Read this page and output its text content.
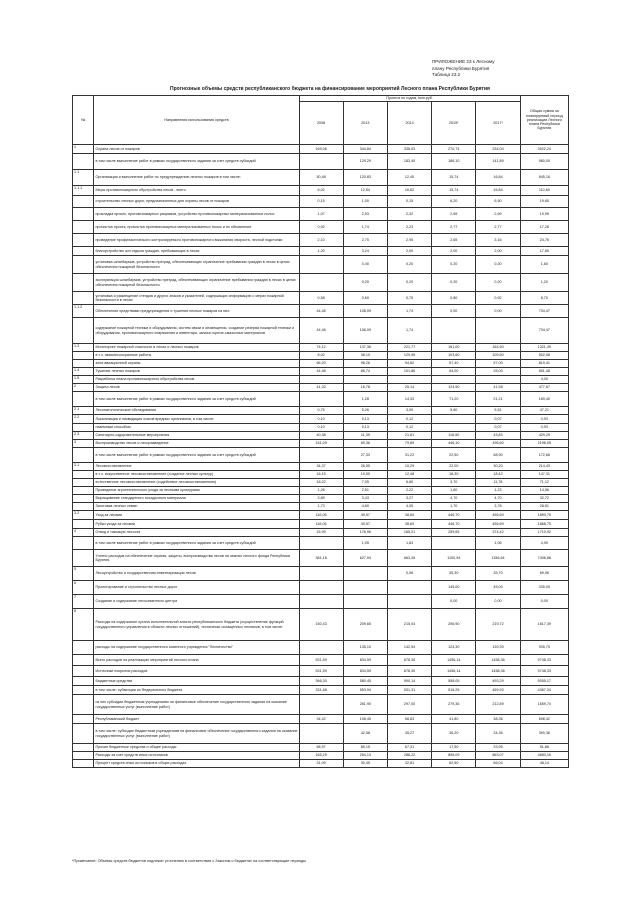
ПРИЛОЖЕНИЕ 23 к Лесному
плану Республики Бурятия
Таблица 23.2
Прогнозные объемы средств республиканского бюджета на финансирование мероприятий Лесного плана Республики Бурятия
№	Направления использования средств	Прогноз по годам, млн.руб.					Общая сумма за планируемый период реализации Лесного плана Республики Бурятия
		2008	2013	2014	2015*	2017*	
1	Охрана лесов от пожаров	169,06	344,84	336,03	270,74	234,04	3022,24
	в том числе выполнение работ в рамках государственного задания за счет средств субсидий		129,29	183,40	186,10	141,89	980,00
1.1	Организация и выполнение работ по предупреждению лесных пожаров в том числе:	50,48	120,83	12,40	15,74	16,84	845,16
1.1.1	Меры противопожарного обустройства лесов - всего	6,02	12,54	16,82	15,74	16,84	110,60
	строительство лесных дорог, предназначенных для охраны лесов от пожаров	0,15	1,00	0,15	6,20	6,50	19,65
	прокладка просек, противопожарных разрывов, устройство противопожарных минерализованных полос	1,07	2,53	2,32	2,69	2,69	19,95
	прочистка просек, прочистка противопожарных минерализованных полос и их обновление	0,92	1,74	2,23	2,77	2,77	17,28
	проведение профилактического контролируемого противопожарного выжигания хвороста, лесной подстилки	2,10	2,75	2,95	2,65	3,16	24,76
	благоустройство зон отдыха граждан, пребывающих в лесах	1,20	3,24	2,00	2,00	2,00	17,80
	установка шлагбаумов, устройство преград, обеспечивающих ограничение пребывания граждан в лесах в целях обеспечения пожарной безопасности		0,40	0,20	0,20	0,20	1,60
	эксплуатация шлагбаумов, устройство преград, обеспечивающих ограничение пребывания граждан в лесах в целях обеспечения пожарной безопасности		0,20	0,20	0,20	0,20	1,20
	установка и размещение стендов и других знаков и указателей, содержащих информацию о мерах пожарной безопасности в лесах	0,58	0,60	0,75	0,80	0,92	8,70
1.1.2	Обеспечение средствами предупреждения и тушения лесных пожаров из них:	44,46	108,09	1,74	0,00	0,00	734,47
	содержание пожарной техники и оборудования, систем связи и оповещения, создание резерва пожарной техники и оборудования, противопожарного снаряжения и инвентаря, запаса горюче-смазочных материалов	44,46	108,09	1,74			734,47
1.3	Мониторинг пожарной опасности в лесах и лесных пожаров	74,12	137,36	221,77	161,00	164,50	1321,49
	в т.ч. авиалесоохранные работы	8,02	38,10	129,95	103,60	109,50	502,08
	зона авиационной охраны	66,20	98,26	94,82	57,40	57,00	819,41
1.4	Тушение лесных пожаров	44,46	86,74	101,86	64,00	25,00	851,48
1.5	Разработка плана противопожарного обустройства лесов						4,00
2	Защита лесов	41,32	16,78	25,14	124,50	41,58	477,67
	в том числе выполнение работ в рамках государственного задания за счет средств субсидий		1,28	14,33	71,20	21,21	169,40
2.1	Лесопатологические обследования	0,75	5,26	3,00	5,60	5,51	47,21
2.2	Локализация и ликвидация очагов вредных организмов, в том числе:	0,10	0,13	0,12		0,07	0,93
	наземным способом	0,10	0,13	0,12		0,07	0,93
2.3	Санитарно-оздоровительные мероприятия	40,38	11,39	21,61	118,50	43,83	429,29
3	Воспроизводство лесов и лесоразведение	151,09	69,36	79,89	446,10	496,60	2196,05
	в том числе выполнение работ в рамках государственного задания за счет средств субсидий		27,33	31,22	22,50	68,90	172,66
3.1	Лесовосстановление	34,37	26,55	10,29	22,00	30,20	214,43
	в т.ч. искусственное лесовосстановление (создание лесных культур)	16,15	19,50	12,48	18,30	18,42	147,31
	естественное лесовосстановление (содействие лесовосстановлению)	18,22	7,05	6,80	3,70	11,78	71,12
	Проведение агротехнического ухода за лесными культурами	1,26	2,51	2,22	1,60	1,23	14,56
	Выращивание стандартного посадочного материала	3,89	3,43	3,27	4,70	4,70	32,72
	Заготовка лесных семян	1,73	4,60	4,05	1,70	3,78	28,61
3.2	Уход за лесами	116,05	49,57	38,60	446,70	456,69	1890,75
	Рубки ухода за лесами	116,05	49,57	38,60	446,70	456,69	1868,75
4	Отвод и таксация лесосек	15,99	176,96	165,21	259,65	374,42	1710,92
	в том числе выполнение работ в рамках государственного задания за счет средств субсидий		1,05	1,84		1,06	4,90
	Учтено расходов на обеспечение охраны, защиты, воспроизводства лесов на землях лесного фонда Республики Бурятия	381,16	627,94	663,26	1100,94	1156,64	7406,88
5	Лесоустройство и государственная инвентаризация лесов			0,06	35,30	35,70	69,06
6	Проектирование и строительство лесных дорог				145,00	45,00	335,00
7	Создание и содержание лесосеменного центра				0,00	0,00	0,00
8	Расходы на содержание органа исполнительной власти республиканского бюджета (осуществление функций государственного управления в области лесных отношений), технически оснащенных лесников, в том числе:	150,43	209,65	215,04	206,90	219,72	1617,39
	расходы на содержание государственного казенного учреждения "Лесничество"		135,10	142,54	124,30	139,39	935,70
	Всего расходов на реализацию мероприятий лесного плана	531,59	834,59	878,30	1456,14	1458,36	9748,33
	Источники покрытия расходов	531,59	834,59	878,30	1456,14	1458,36	9748,33
	Бюджетные средства	366,30	580,45	590,14	558,05	493,29	5055,17
	в том числе: субвенции из Федерального бюджета	331,68	553,94	531,31	516,25	469,93	4367,34
	из них субсидии бюджетным учреждениям на финансовое обеспечение государственного задания на оказание государственных услуг (выполнение работ)		261,90	297,00	279,36	212,89	1659,74
	Республиканский бюджет	34,42	108,45	58,83	41,80	38,36	698,42
	в том числе: субсидии бюджетным учреждениям на финансовое обеспечение государственного задания на оказание государственных услуг (выполнение работ)		42,58	35,27	36,20	34,36	390,38
	Прочие бюджетные средства и общие расходы	68,97	89,15	67,31	17,50	33,95	51,86
	Расходы за счет средств иных источников	165,29	254,13	288,22	898,09	863,07	4683,16
	Процент средств иных источников в общих расходах	31,09	30,45	32,81	62,50	66,04	48,14
*Примечание: Объемы средств бюджетов подлежат уточнению в соответствии с Законом о бюджетах на соответствующие периоды
